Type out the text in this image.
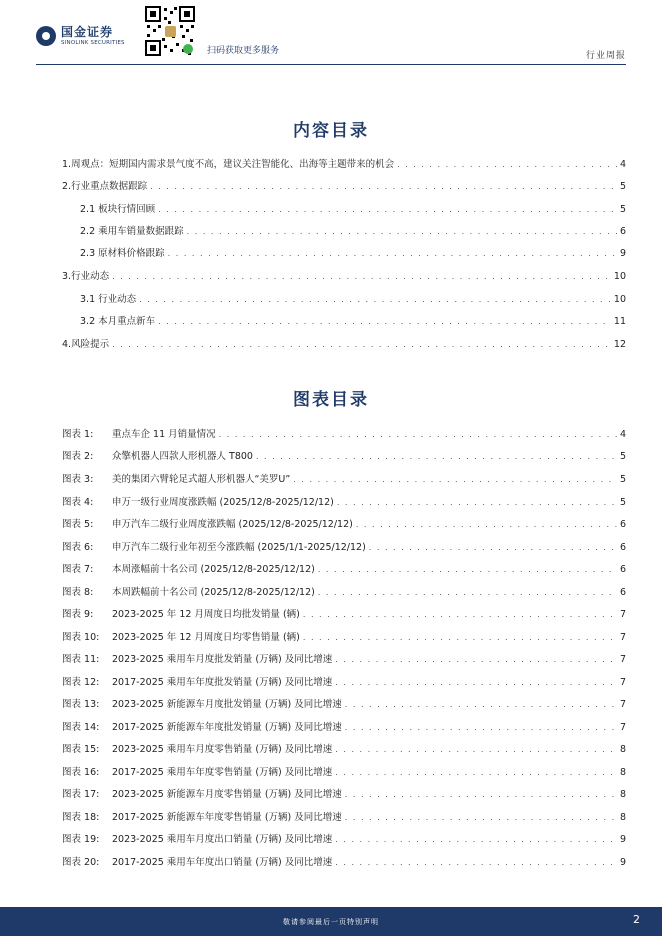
国金证券
SINOLINK SECURITIES
扫码获取更多服务	行业周报
内容目录
1.周观点：短期国内需求景气度不高，建议关注智能化、出海等主题带来的机会 . . .	4
2.行业重点数据跟踪 . . .	5
2.1 板块行情回顾 . . .	5
2.2 乘用车销量数据跟踪 . . .	6
2.3 原材料价格跟踪 . . .	9
3.行业动态 . . .	10
3.1 行业动态 . . .	10
3.2 本月重点新车 . . .	11
4.风险提示 . . .	12
图表目录
图表 1: 重点车企 11 月销量情况 . . .	4
图表 2: 众擎机器人四款人形机器人 T800 . . .	5
图表 3: 美的集团六臂轮足式超人形机器人“美罗U” . . .	5
图表 4: 申万一级行业周度涨跌幅 (2025/12/8-2025/12/12) . . .	5
图表 5: 申万汽车二级行业周度涨跌幅 (2025/12/8-2025/12/12) . . .	6
图表 6: 申万汽车二级行业年初至今涨跌幅 (2025/1/1-2025/12/12) . . .	6
图表 7: 本周涨幅前十名公司 (2025/12/8-2025/12/12) . . .	6
图表 8: 本周跌幅前十名公司 (2025/12/8-2025/12/12) . . .	6
图表 9: 2023-2025 年 12 月周度日均批发销量 (辆) . . .	7
图表 10: 2023-2025 年 12 月周度日均零售销量 (辆) . . .	7
图表 11: 2023-2025 乘用车月度批发销量 (万辆) 及同比增速 . . .	7
图表 12: 2017-2025 乘用车年度批发销量 (万辆) 及同比增速 . . .	7
图表 13: 2023-2025 新能源车月度批发销量 (万辆) 及同比增速 . . .	7
图表 14: 2017-2025 新能源车年度批发销量 (万辆) 及同比增速 . . .	7
图表 15: 2023-2025 乘用车月度零售销量 (万辆) 及同比增速 . . .	8
图表 16: 2017-2025 乘用车年度零售销量 (万辆) 及同比增速 . . .	8
图表 17: 2023-2025 新能源车月度零售销量 (万辆) 及同比增速 . . .	8
图表 18: 2017-2025 新能源车年度零售销量 (万辆) 及同比增速 . . .	8
图表 19: 2023-2025 乘用车月度出口销量 (万辆) 及同比增速 . . .	9
图表 20: 2017-2025 乘用车年度出口销量 (万辆) 及同比增速 . . .	9
敬请参阅最后一页特别声明	2
